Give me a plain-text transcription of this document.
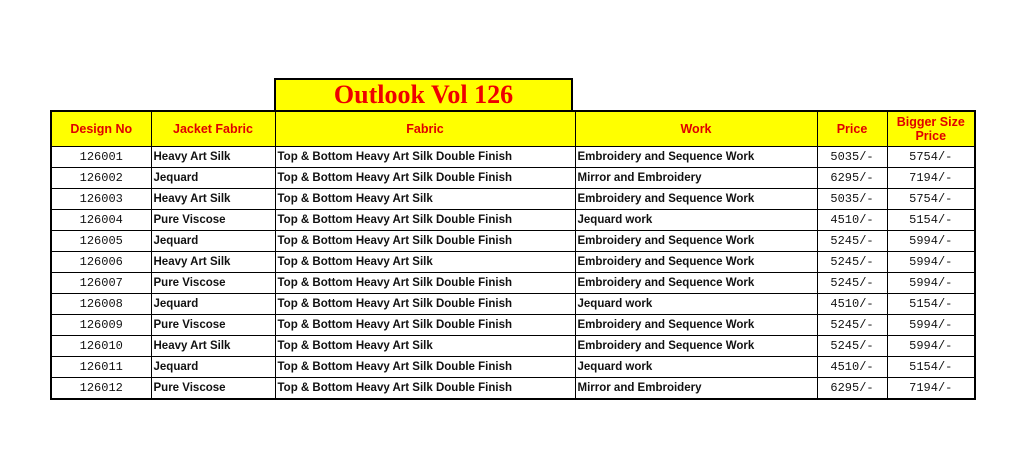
Outlook Vol 126
Design No	Jacket Fabric	Fabric	Work	Price	Bigger Size Price
126001	Heavy Art Silk	Top & Bottom Heavy Art Silk Double Finish	Embroidery and Sequence Work	5035/-	5754/-
126002	Jequard	Top & Bottom Heavy Art Silk Double Finish	Mirror and Embroidery	6295/-	7194/-
126003	Heavy Art Silk	Top & Bottom Heavy Art Silk	Embroidery and Sequence Work	5035/-	5754/-
126004	Pure Viscose	Top & Bottom Heavy Art Silk Double Finish	Jequard work	4510/-	5154/-
126005	Jequard	Top & Bottom Heavy Art Silk Double Finish	Embroidery and Sequence Work	5245/-	5994/-
126006	Heavy Art Silk	Top & Bottom Heavy Art Silk	Embroidery and Sequence Work	5245/-	5994/-
126007	Pure Viscose	Top & Bottom Heavy Art Silk Double Finish	Embroidery and Sequence Work	5245/-	5994/-
126008	Jequard	Top & Bottom Heavy Art Silk Double Finish	Jequard work	4510/-	5154/-
126009	Pure Viscose	Top & Bottom Heavy Art Silk Double Finish	Embroidery and Sequence Work	5245/-	5994/-
126010	Heavy Art Silk	Top & Bottom Heavy Art Silk	Embroidery and Sequence Work	5245/-	5994/-
126011	Jequard	Top & Bottom Heavy Art Silk Double Finish	Jequard work	4510/-	5154/-
126012	Pure Viscose	Top & Bottom Heavy Art Silk Double Finish	Mirror and Embroidery	6295/-	7194/-
